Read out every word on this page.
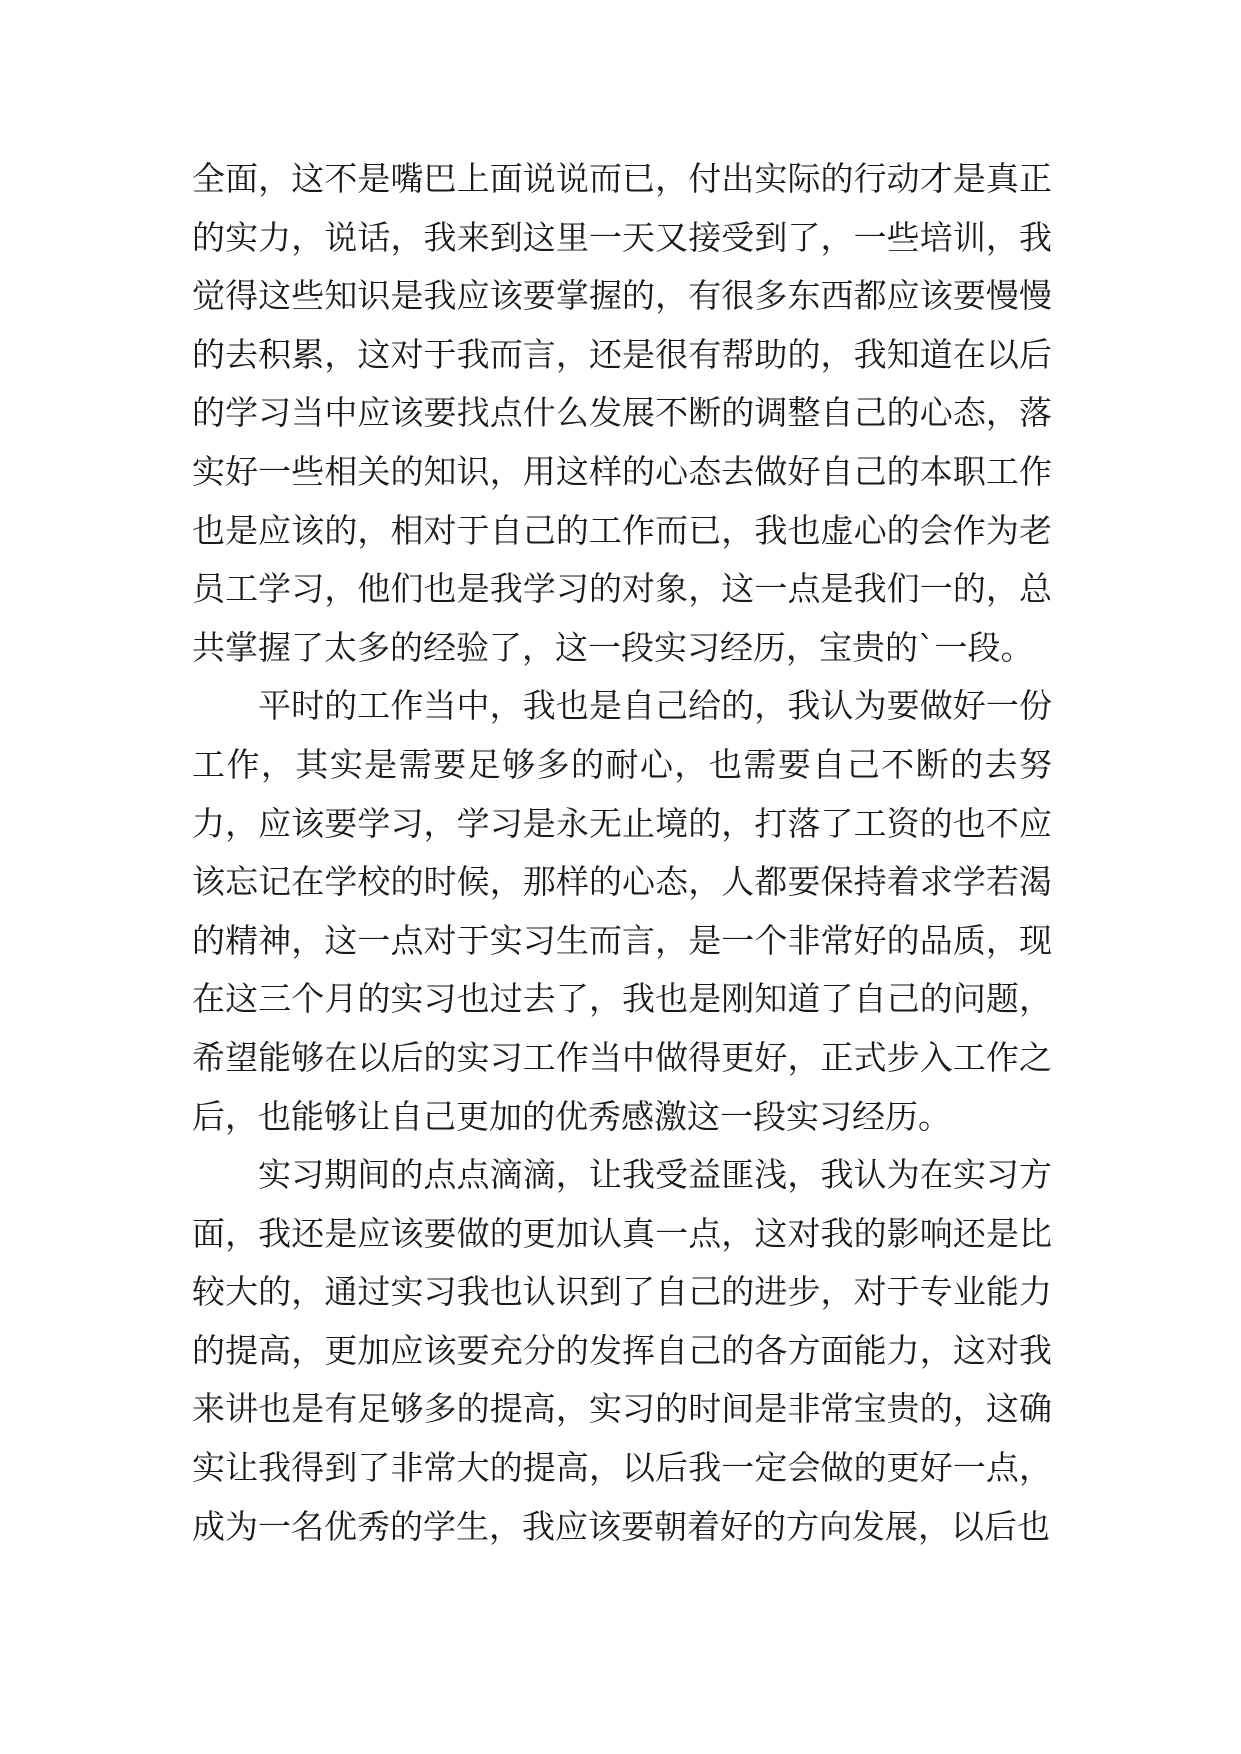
全面，这不是嘴巴上面说说而已，付出实际的行动才是真正的实力，说话，我来到这里一天又接受到了，一些培训，我觉得这些知识是我应该要掌握的，有很多东西都应该要慢慢的去积累，这对于我而言，还是很有帮助的，我知道在以后的学习当中应该要找点什么发展不断的调整自己的心态，落实好一些相关的知识，用这样的心态去做好自己的本职工作也是应该的，相对于自己的工作而已，我也虚心的会作为老员工学习，他们也是我学习的对象，这一点是我们一的，总共掌握了太多的经验了，这一段实习经历，宝贵的`一段。

平时的工作当中，我也是自己给的，我认为要做好一份工作，其实是需要足够多的耐心，也需要自己不断的去努力，应该要学习，学习是永无止境的，打落了工资的也不应该忘记在学校的时候，那样的心态，人都要保持着求学若渴的精神，这一点对于实习生而言，是一个非常好的品质，现在这三个月的实习也过去了，我也是刚知道了自己的问题，希望能够在以后的实习工作当中做得更好，正式步入工作之后，也能够让自己更加的优秀感激这一段实习经历。

实习期间的点点滴滴，让我受益匪浅，我认为在实习方面，我还是应该要做的更加认真一点，这对我的影响还是比较大的，通过实习我也认识到了自己的进步，对于专业能力的提高，更加应该要充分的发挥自己的各方面能力，这对我来讲也是有足够多的提高，实习的时间是非常宝贵的，这确实让我得到了非常大的提高，以后我一定会做的更好一点，成为一名优秀的学生，我应该要朝着好的方向发展，以后也
